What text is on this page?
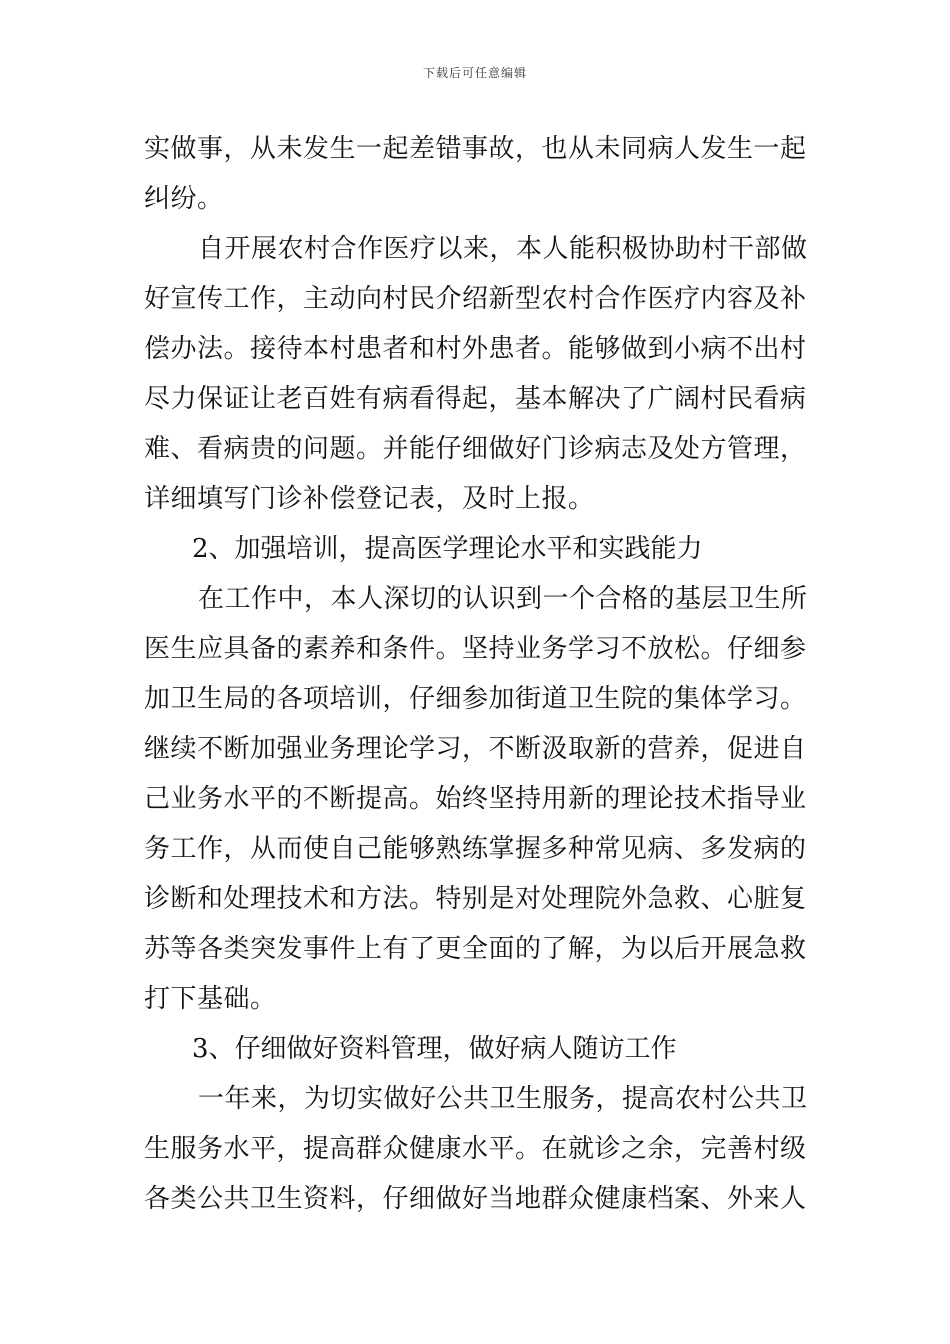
下载后可任意编辑
实做事，从未发生一起差错事故，也从未同病人发生一起
纠纷。
自开展农村合作医疗以来，本人能积极协助村干部做
好宣传工作，主动向村民介绍新型农村合作医疗内容及补
偿办法。接待本村患者和村外患者。能够做到小病不出村
尽力保证让老百姓有病看得起，基本解决了广阔村民看病
难、看病贵的问题。并能仔细做好门诊病志及处方管理，
详细填写门诊补偿登记表，及时上报。
2、加强培训，提高医学理论水平和实践能力
在工作中，本人深切的认识到一个合格的基层卫生所
医生应具备的素养和条件。坚持业务学习不放松。仔细参
加卫生局的各项培训，仔细参加街道卫生院的集体学习。
继续不断加强业务理论学习，不断汲取新的营养，促进自
己业务水平的不断提高。始终坚持用新的理论技术指导业
务工作，从而使自己能够熟练掌握多种常见病、多发病的
诊断和处理技术和方法。特别是对处理院外急救、心脏复
苏等各类突发事件上有了更全面的了解，为以后开展急救
打下基础。
3、仔细做好资料管理，做好病人随访工作
一年来，为切实做好公共卫生服务，提高农村公共卫
生服务水平，提高群众健康水平。在就诊之余，完善村级
各类公共卫生资料，仔细做好当地群众健康档案、外来人
